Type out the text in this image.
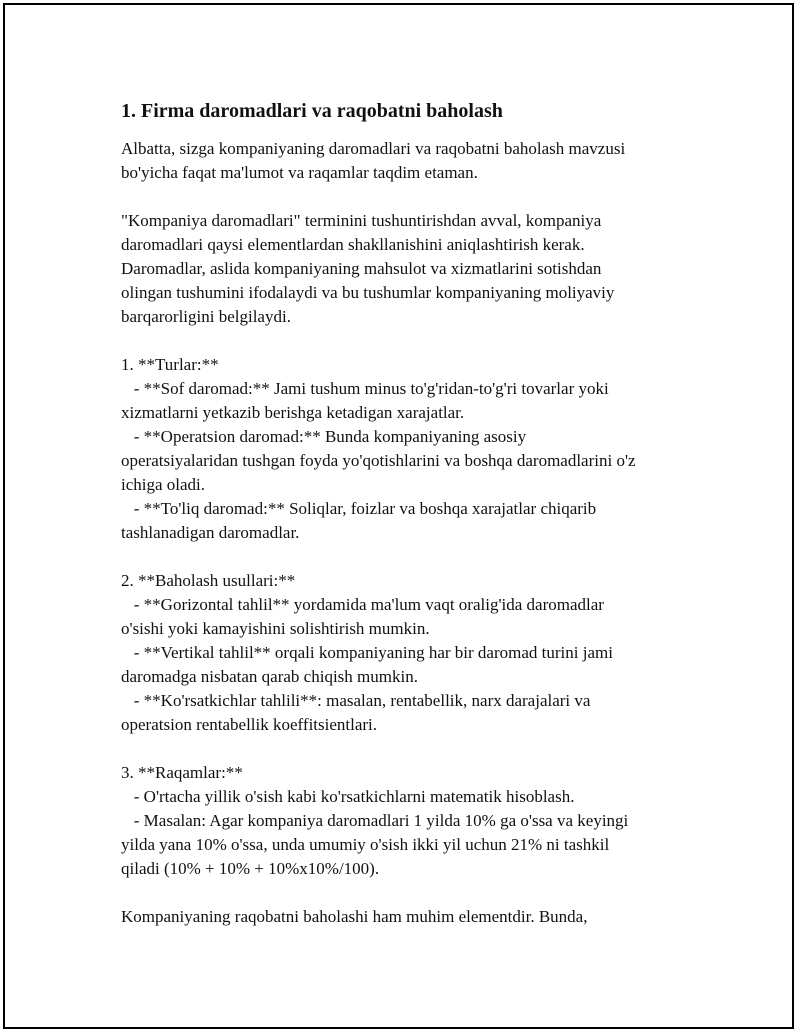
1. Firma daromadlari va raqobatni baholash

Albatta, sizga kompaniyaning daromadlari va raqobatni baholash mavzusi
bo'yicha faqat ma'lumot va raqamlar taqdim etaman.

"Kompaniya daromadlari" terminini tushuntirishdan avval, kompaniya
daromadlari qaysi elementlardan shakllanishini aniqlashtirish kerak.
Daromadlar, aslida kompaniyaning mahsulot va xizmatlarini sotishdan
olingan tushumini ifodalaydi va bu tushumlar kompaniyaning moliyaviy
barqarorligini belgilaydi.

1. **Turlar:**
- **Sof daromad:** Jami tushum minus to'g'ridan-to'g'ri tovarlar yoki
xizmatlarni yetkazib berishga ketadigan xarajatlar.
- **Operatsion daromad:** Bunda kompaniyaning asosiy
operatsiyalaridan tushgan foyda yo'qotishlarini va boshqa daromadlarini o'z
ichiga oladi.
- **To'liq daromad:** Soliqlar, foizlar va boshqa xarajatlar chiqarib
tashlanadigan daromadlar.

2. **Baholash usullari:**
- **Gorizontal tahlil** yordamida ma'lum vaqt oralig'ida daromadlar
o'sishi yoki kamayishini solishtirish mumkin.
- **Vertikal tahlil** orqali kompaniyaning har bir daromad turini jami
daromadga nisbatan qarab chiqish mumkin.
- **Ko'rsatkichlar tahlili**: masalan, rentabellik, narx darajalari va
operatsion rentabellik koeffitsientlari.

3. **Raqamlar:**
- O'rtacha yillik o'sish kabi ko'rsatkichlarni matematik hisoblash.
- Masalan: Agar kompaniya daromadlari 1 yilda 10% ga o'ssa va keyingi
yilda yana 10% o'ssa, unda umumiy o'sish ikki yil uchun 21% ni tashkil
qiladi (10% + 10% + 10%x10%/100).

Kompaniyaning raqobatni baholashi ham muhim elementdir. Bunda,
